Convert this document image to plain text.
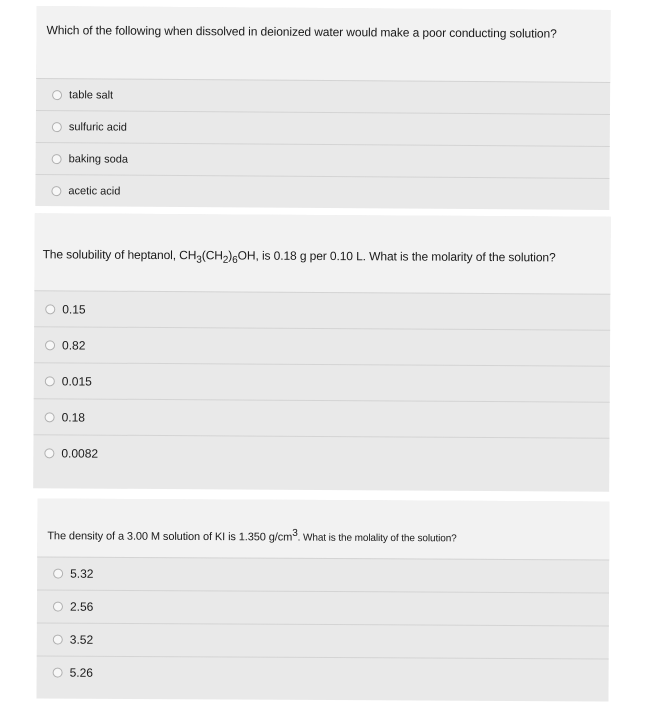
Which of the following when dissolved in deionized water would make a poor conducting solution?
table salt
sulfuric acid
baking soda
acetic acid
The solubility of heptanol, $CH_3(CH_2)_6OH$, is 0.18 g per 0.10 L. What is the molarity of the solution?
0.15
0.82
0.015
0.18
0.0082
The density of a 3.00 M solution of KI is 1.350 $g/cm^3$. What is the molality of the solution?
5.32
2.56
3.52
5.26
